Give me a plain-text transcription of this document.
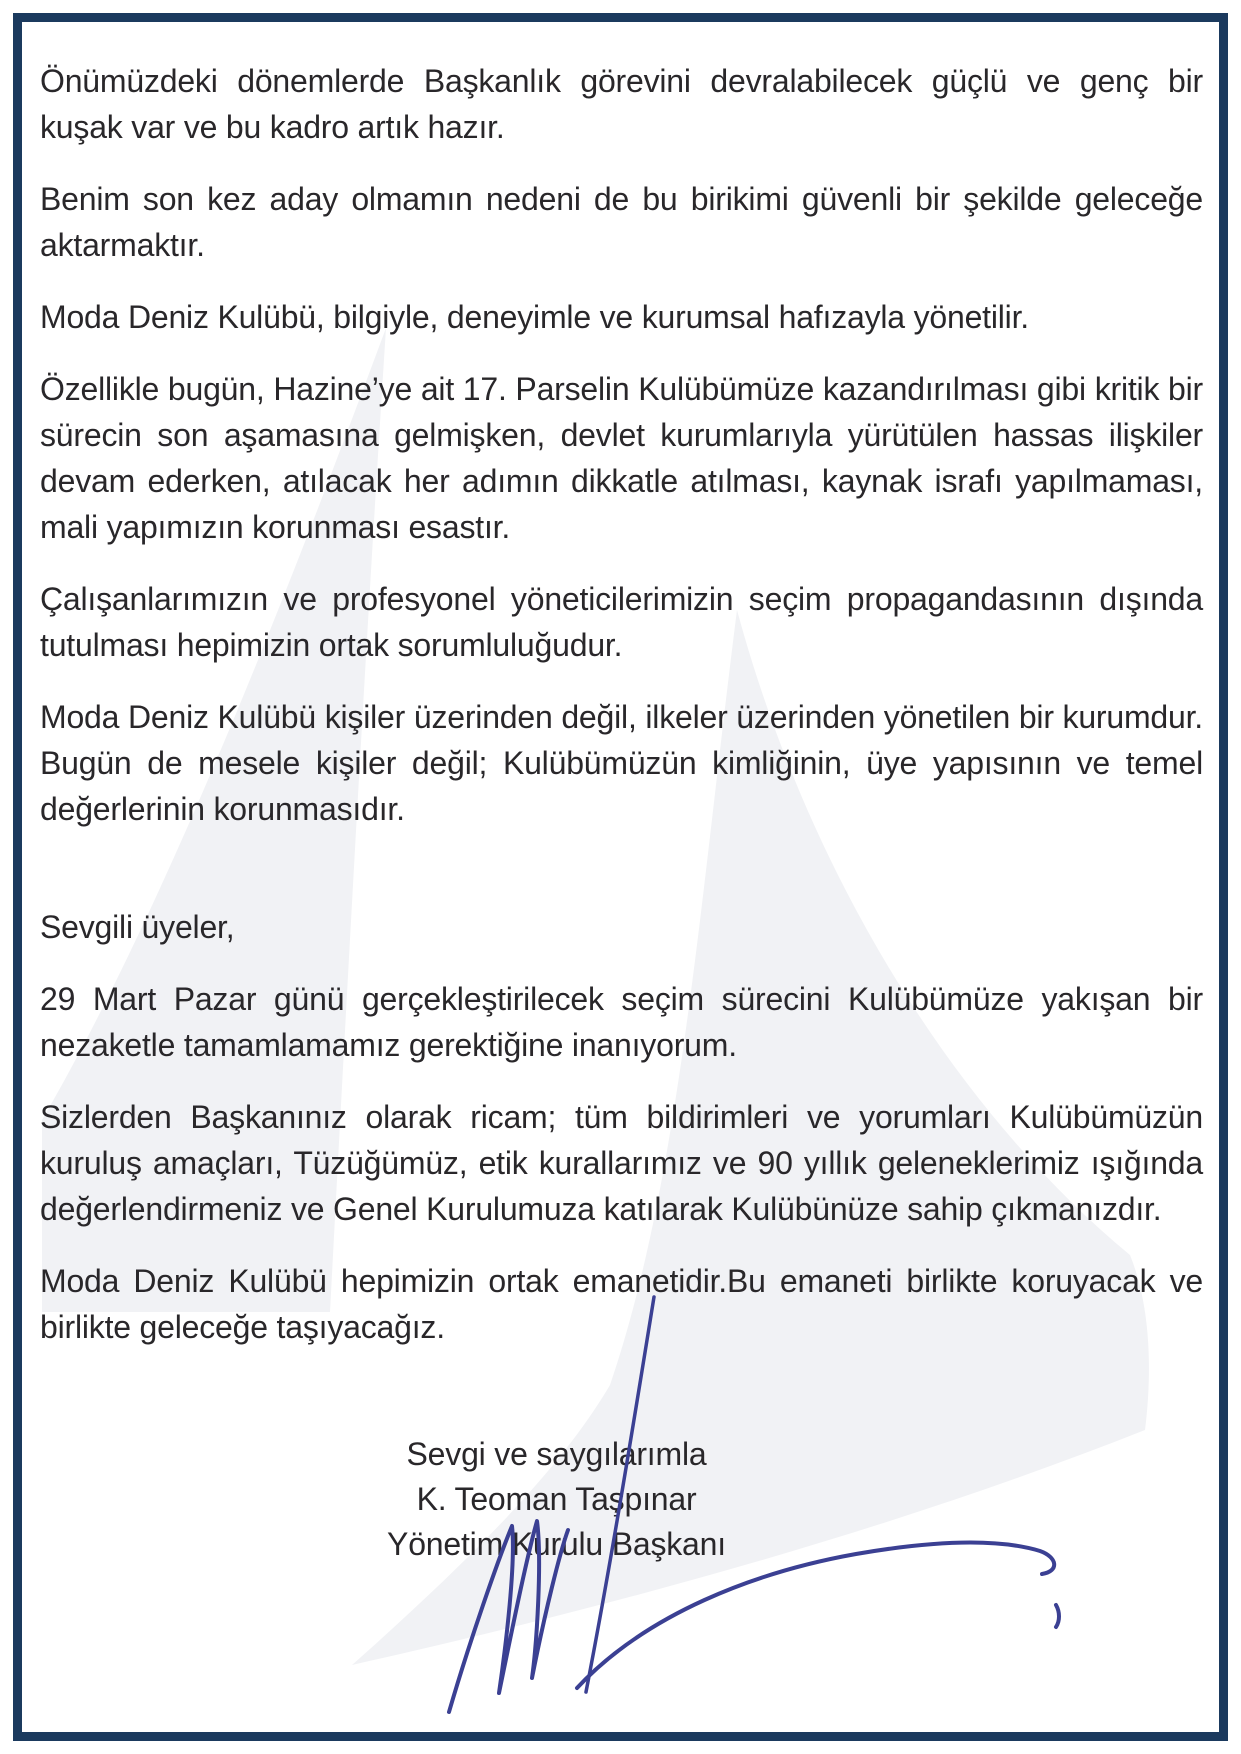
Önümüzdeki dönemlerde Başkanlık görevini devralabilecek güçlü ve genç bir kuşak var ve bu kadro artık hazır.

Benim son kez aday olmamın nedeni de bu birikimi güvenli bir şekilde geleceğe aktarmaktır.

Moda Deniz Kulübü, bilgiyle, deneyimle ve kurumsal hafızayla yönetilir.

Özellikle bugün, Hazine’ye ait 17. Parselin Kulübümüze kazandırılması gibi kritik bir sürecin son aşamasına gelmişken, devlet kurumlarıyla yürütülen hassas ilişkiler devam ederken, atılacak her adımın dikkatle atılması, kaynak israfı yapılmaması, mali yapımızın korunması esastır.

Çalışanlarımızın ve profesyonel yöneticilerimizin seçim propagandasının dışında tutulması hepimizin ortak sorumluluğudur.

Moda Deniz Kulübü kişiler üzerinden değil, ilkeler üzerinden yönetilen bir kurumdur. Bugün de mesele kişiler değil; Kulübümüzün kimliğinin, üye yapısının ve temel değerlerinin korunmasıdır.

Sevgili üyeler,

29 Mart Pazar günü gerçekleştirilecek seçim sürecini Kulübümüze yakışan bir nezaketle tamamlamamız gerektiğine inanıyorum.

Sizlerden Başkanınız olarak ricam; tüm bildirimleri ve yorumları Kulübümüzün kuruluş amaçları, Tüzüğümüz, etik kurallarımız ve 90 yıllık geleneklerimiz ışığında değerlendirmeniz ve Genel Kurulumuza katılarak Kulübünüze sahip çıkmanızdır.

Moda Deniz Kulübü hepimizin ortak emanetidir.Bu emaneti birlikte koruyacak ve birlikte geleceğe taşıyacağız.

Sevgi ve saygılarımla

K. Teoman Taşpınar

Yönetim Kurulu Başkanı
